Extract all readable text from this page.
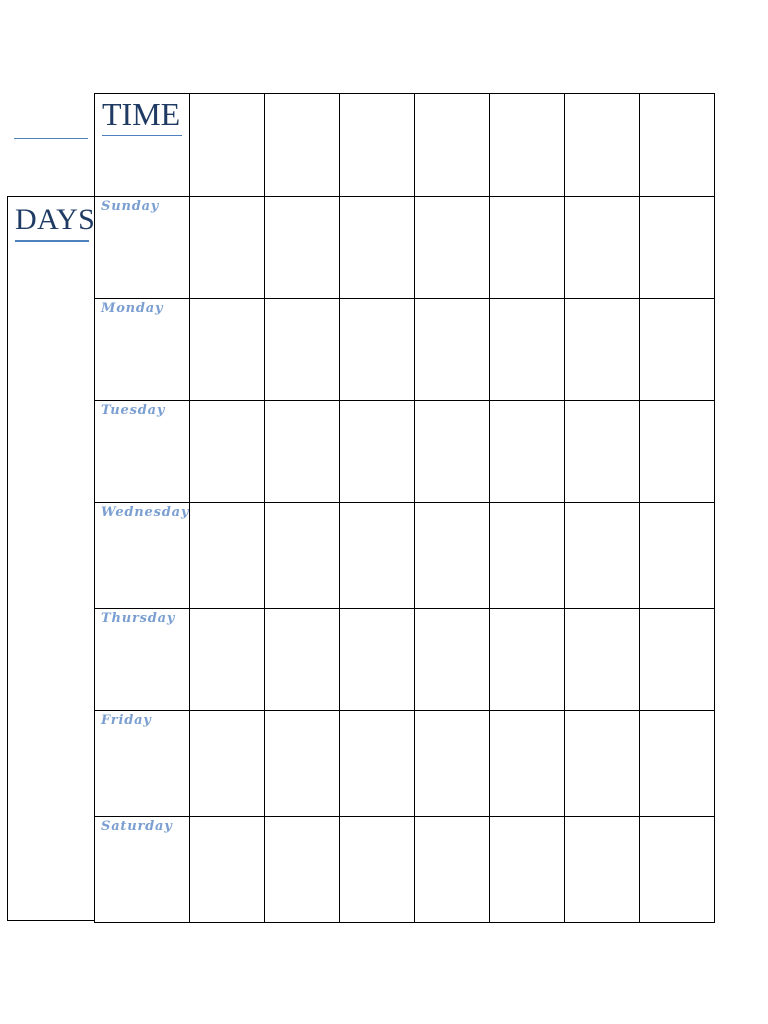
DAYS
TIME							

Sunday							

Monday							

Tuesday							

Wednesday							

Thursday							

Friday							

Saturday							
